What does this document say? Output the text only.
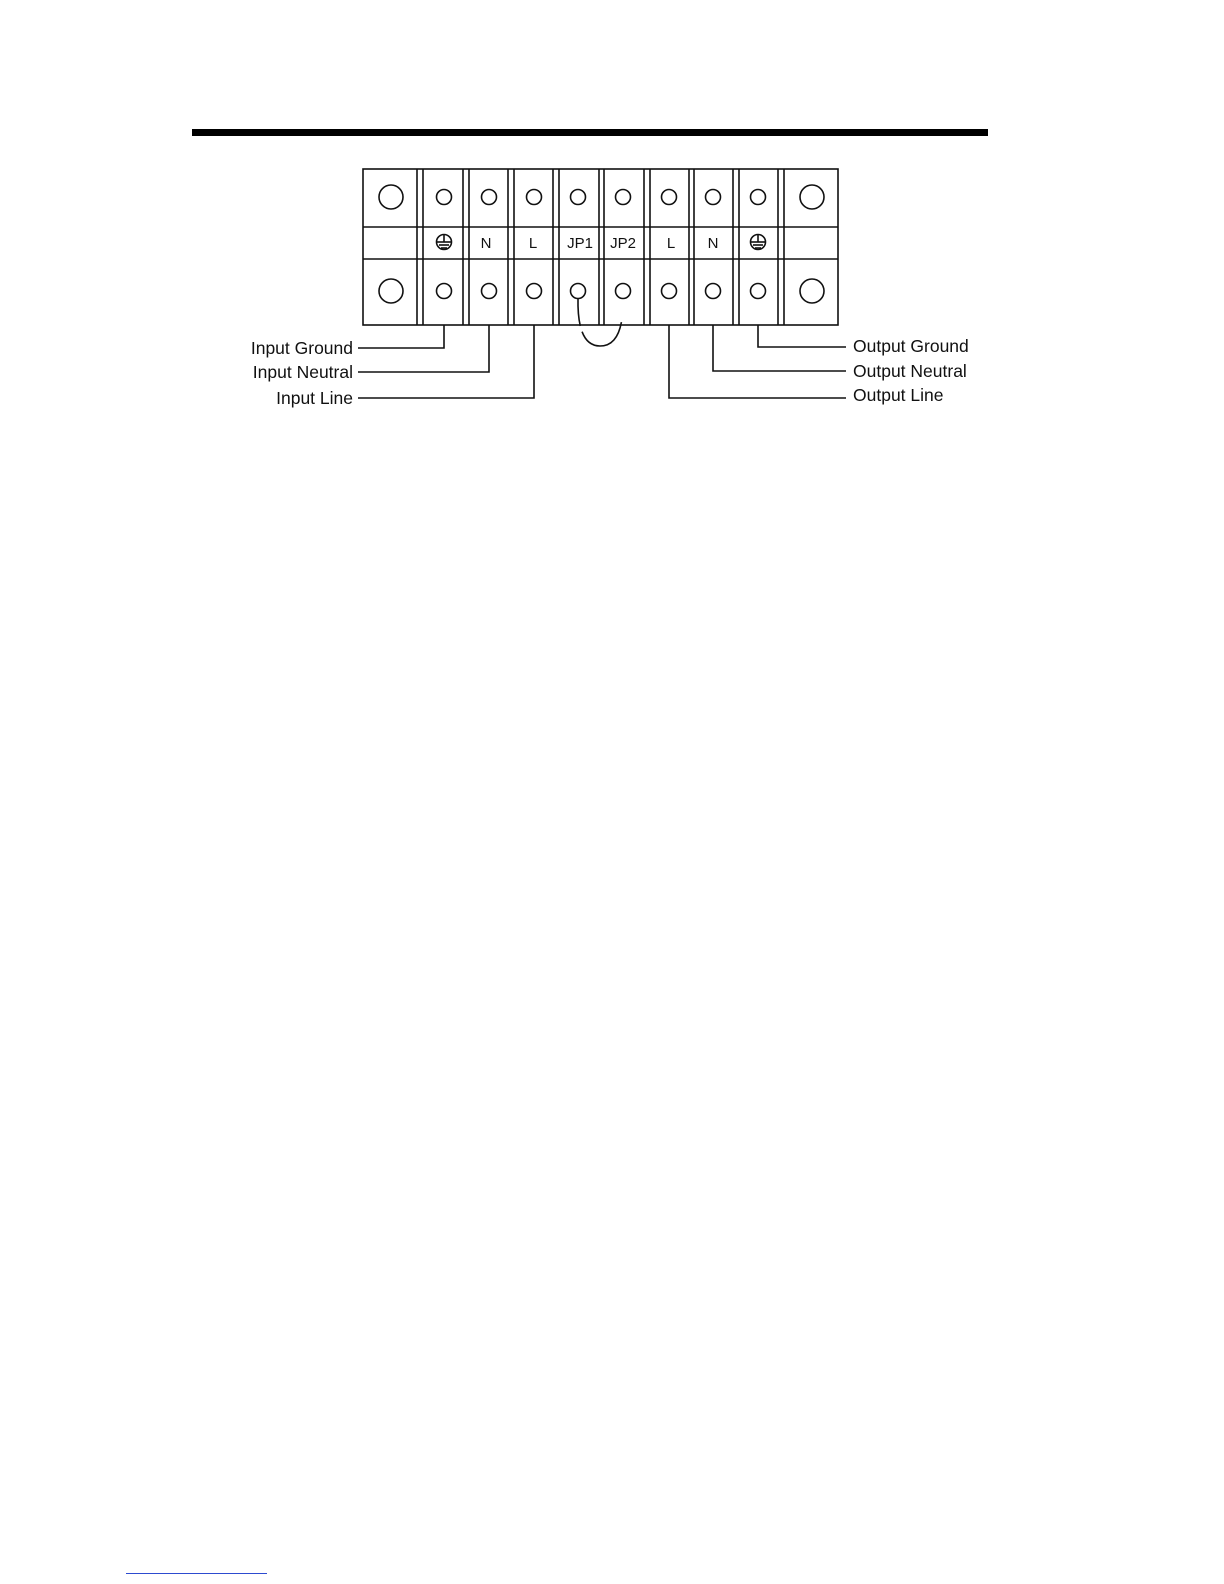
N L JP1 JP2 L N
Input Ground
Input Neutral
Input Line
Output Ground
Output Neutral
Output Line
